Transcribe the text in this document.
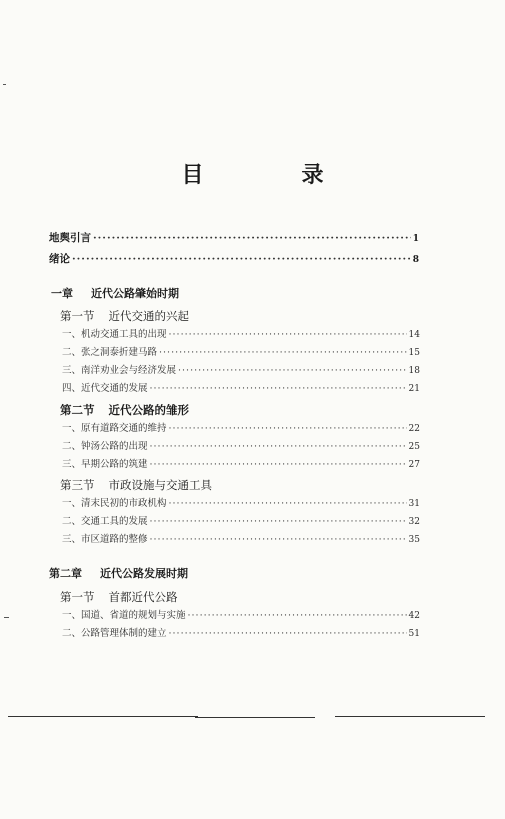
目　录
地舆引言 ·····	1
绪论 ·····	8
一章 近代公路肇始时期
第一节 近代交通的兴起
一、机动交通工具的出现 ·····	14
二、张之洞泰折建马路 ·····	15
三、南洋劝业会与经济发展 ·····	18
四、近代交通的发展 ·····	21
第二节 近代公路的雏形
一、原有道路交通的维持 ·····	22
二、钟汤公路的出现 ·····	25
三、早期公路的筑建 ·····	27
第三节 市政设施与交通工具
一、清末民初的市政机构 ·····	31
二、交通工具的发展 ·····	32
三、市区道路的整修 ·····	35
第二章 近代公路发展时期
第一节 首都近代公路
一、国道、省道的规划与实施 ·····	42
二、公路管理体制的建立 ·····	51
